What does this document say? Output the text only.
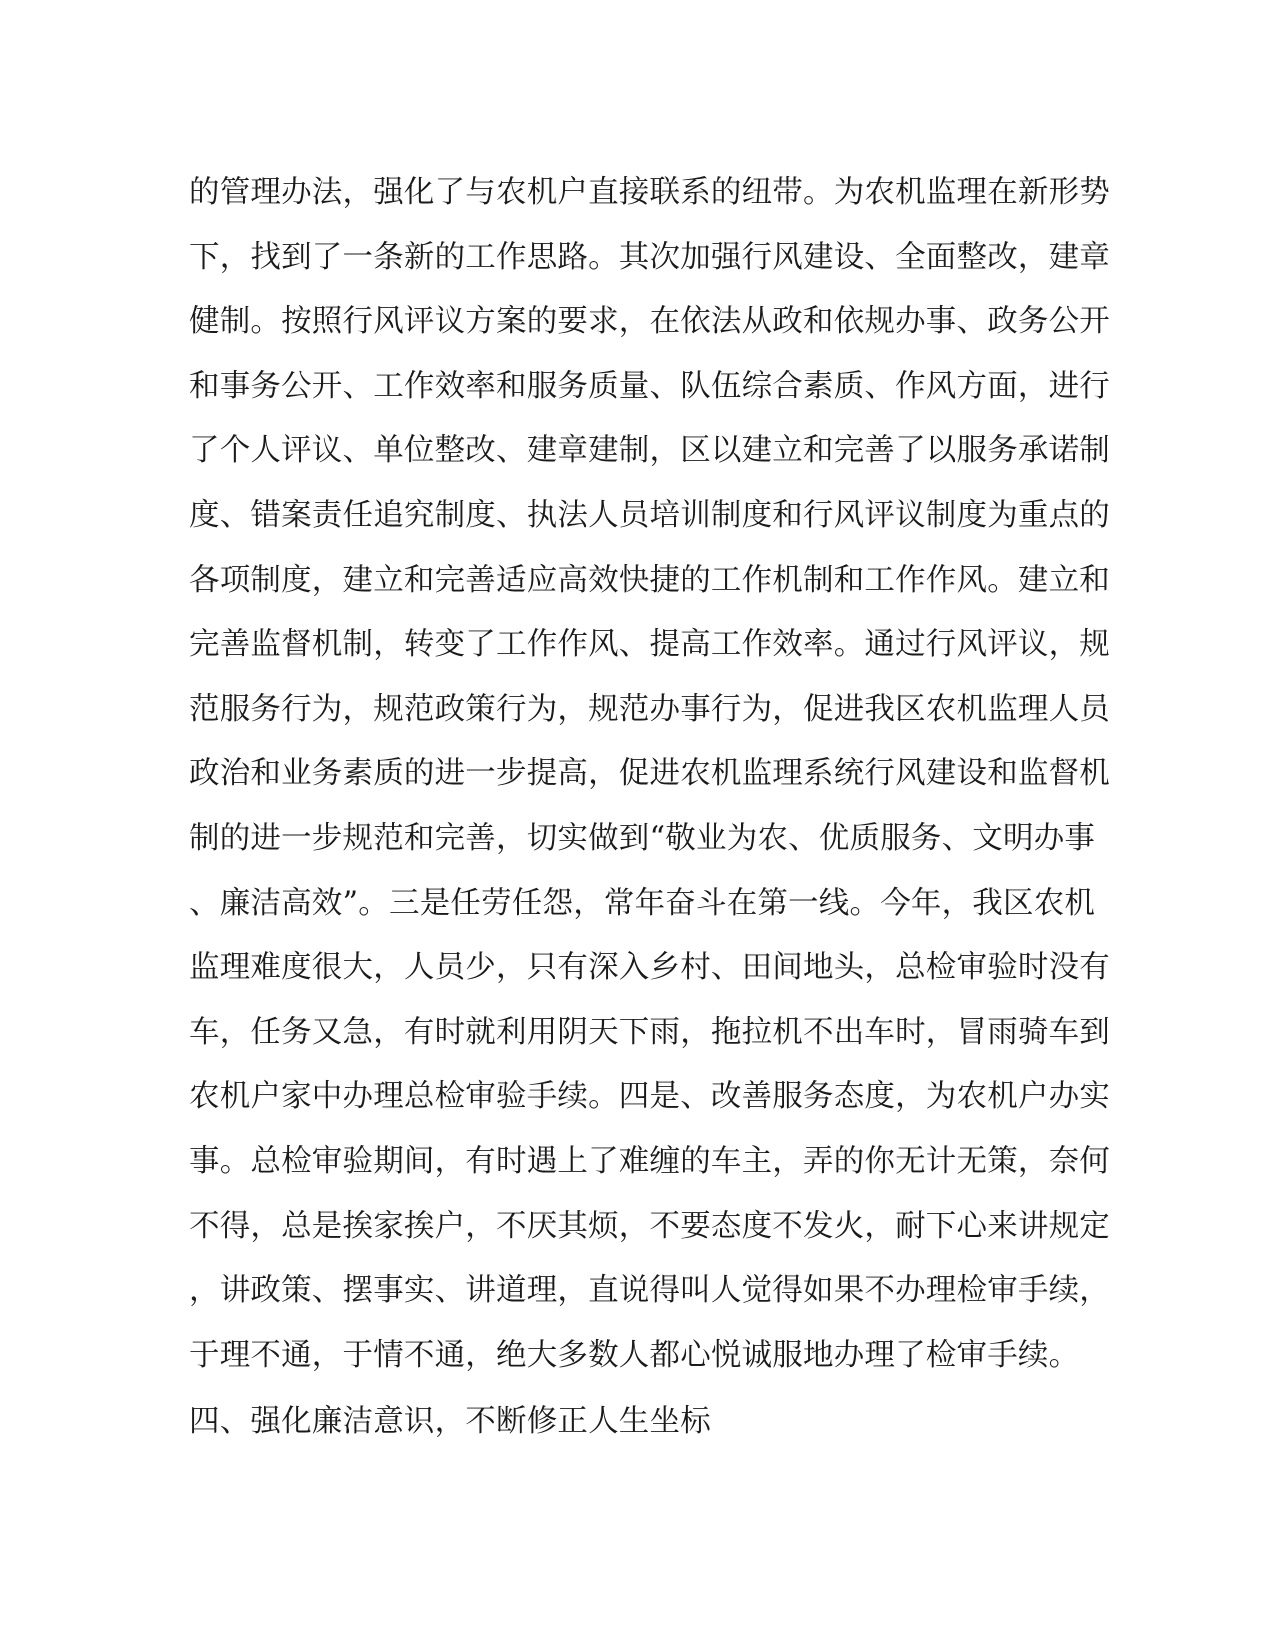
的管理办法，强化了与农机户直接联系的纽带。为农机监理在新形势
下，找到了一条新的工作思路。其次加强行风建设、全面整改，建章
健制。按照行风评议方案的要求，在依法从政和依规办事、政务公开
和事务公开、工作效率和服务质量、队伍综合素质、作风方面，进行
了个人评议、单位整改、建章建制，区以建立和完善了以服务承诺制
度、错案责任追究制度、执法人员培训制度和行风评议制度为重点的
各项制度，建立和完善适应高效快捷的工作机制和工作作风。建立和
完善监督机制，转变了工作作风、提高工作效率。通过行风评议，规
范服务行为，规范政策行为，规范办事行为，促进我区农机监理人员
政治和业务素质的进一步提高，促进农机监理系统行风建设和监督机
制的进一步规范和完善，切实做到“敬业为农、优质服务、文明办事
、廉洁高效”。三是任劳任怨，常年奋斗在第一线。今年，我区农机
监理难度很大，人员少，只有深入乡村、田间地头，总检审验时没有
车，任务又急，有时就利用阴天下雨，拖拉机不出车时，冒雨骑车到
农机户家中办理总检审验手续。四是、改善服务态度，为农机户办实
事。总检审验期间，有时遇上了难缠的车主，弄的你无计无策，奈何
不得，总是挨家挨户，不厌其烦，不要态度不发火，耐下心来讲规定
，讲政策、摆事实、讲道理，直说得叫人觉得如果不办理检审手续，
于理不通，于情不通，绝大多数人都心悦诚服地办理了检审手续。
四、强化廉洁意识，不断修正人生坐标
